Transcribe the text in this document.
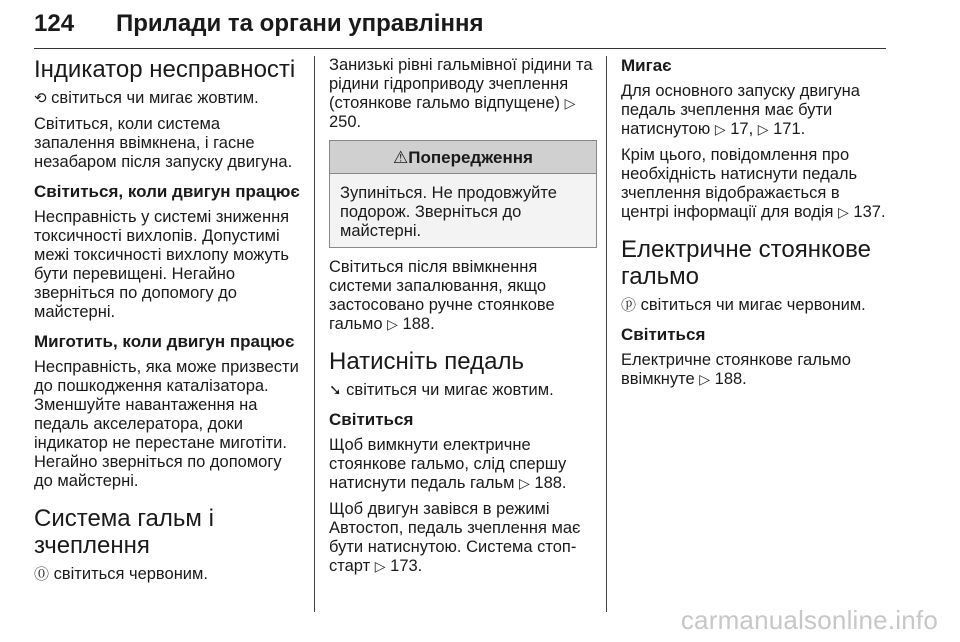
124 Прилади та органи управління
Індикатор несправності

⟲ світиться чи мигає жовтим.

Світиться, коли система запалення ввімкнена, і гасне незабаром після запуску двигуна.

Світиться, коли двигун працює

Несправність у системі зниження токсичності вихлопів. Допустимі межі токсичності вихлопу можуть бути перевищені. Негайно зверніться по допомогу до майстерні.

Миготить, коли двигун працює

Несправність, яка може призвести до пошкодження каталізатора. Зменшуйте навантаження на педаль акселератора, доки індикатор не перестане миготіти. Негайно зверніться по допомогу до майстерні.

Система гальм і зчеплення

⓪ світиться червоним.

Занизькі рівні гальмівної рідини та рідини гідроприводу зчеплення (стоянкове гальмо відпущене) ▷ 250.

⚠Попередження
Зупиніться. Не продовжуйте подорож. Зверніться до майстерні.

Світиться після ввімкнення системи запалювання, якщо застосовано ручне стоянкове гальмо ▷ 188.

Натисніть педаль

➘ світиться чи мигає жовтим.

Світиться

Щоб вимкнути електричне стоянкове гальмо, слід спершу натиснути педаль гальм ▷ 188.

Щоб двигун завівся в режимі Автостоп, педаль зчеплення має бути натиснутою. Система стоп-старт ▷ 173.

Мигає

Для основного запуску двигуна педаль зчеплення має бути натиснутою ▷ 17, ▷ 171.

Крім цього, повідомлення про необхідність натиснути педаль зчеплення відображається в центрі інформації для водія ▷ 137.

Електричне стоянкове гальмо

ⓟ світиться чи мигає червоним.

Світиться

Електричне стоянкове гальмо ввімкнуте ▷ 188.

carmanualsonline.info
